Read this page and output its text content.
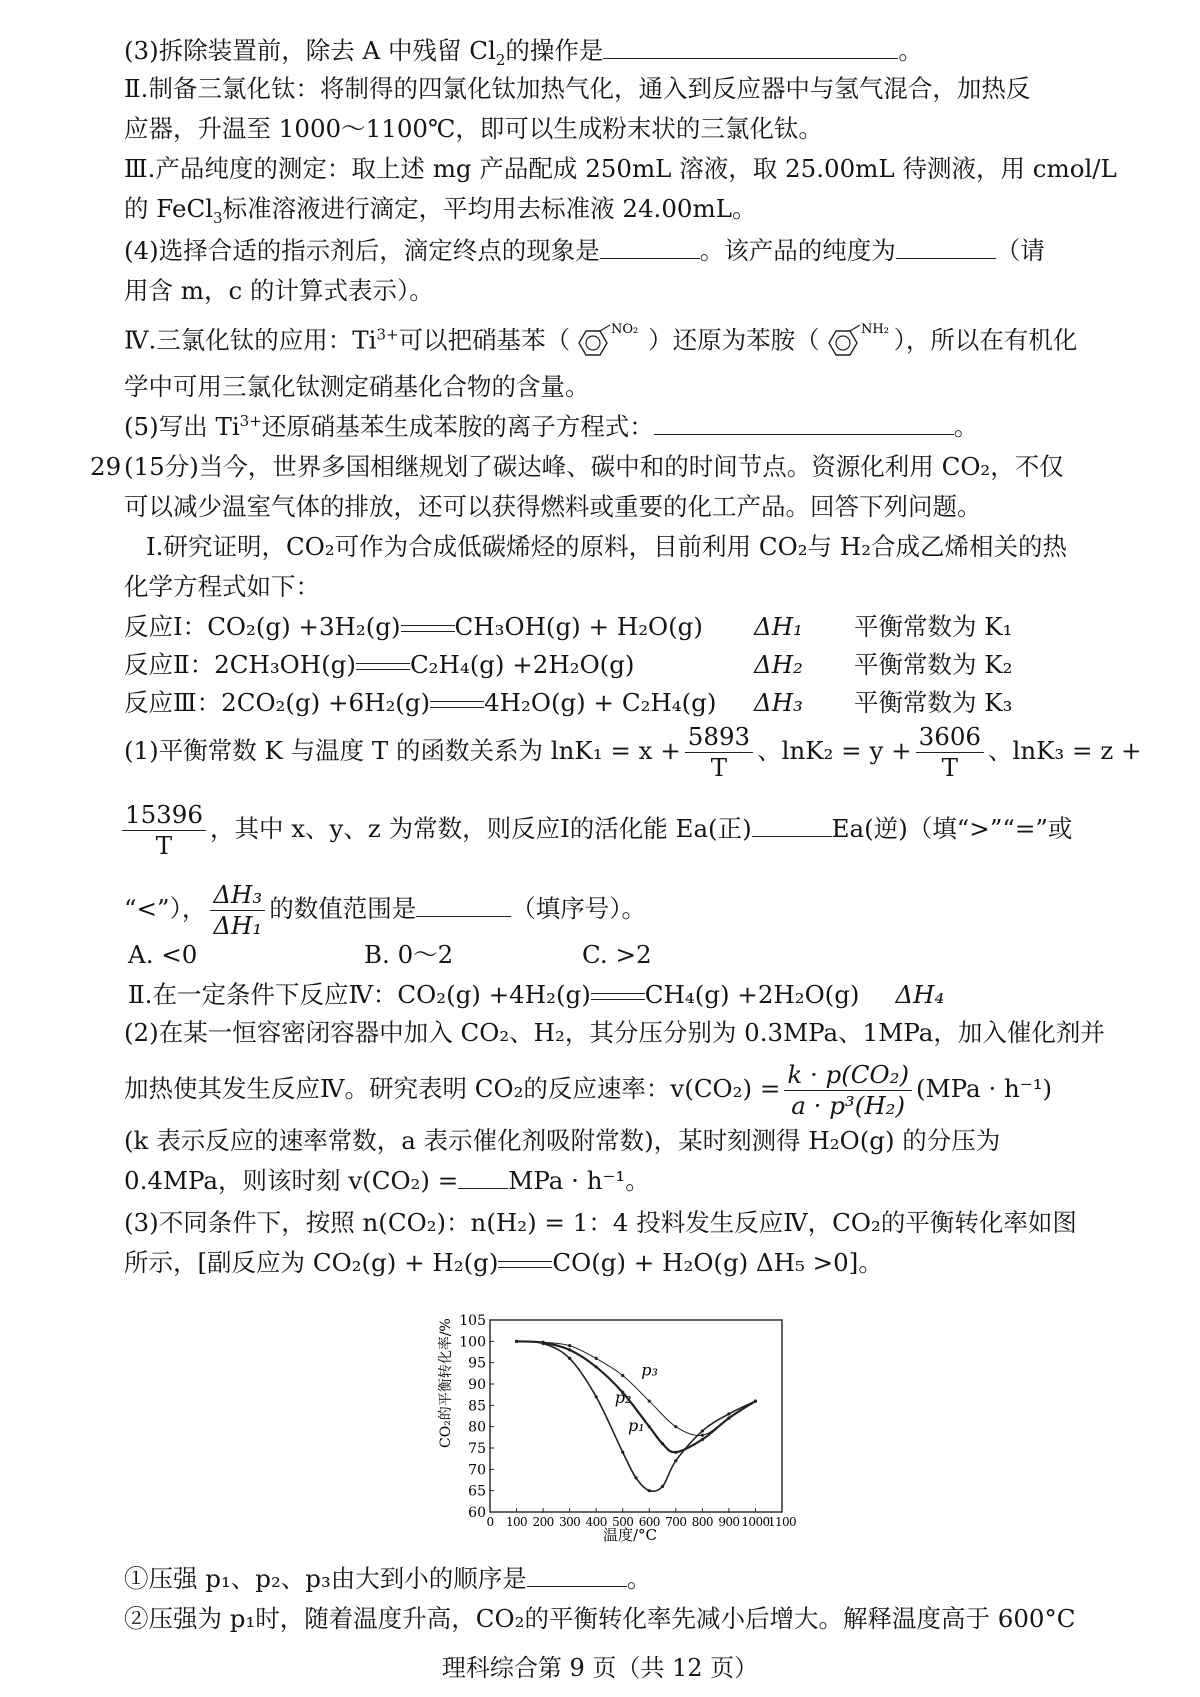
(3)拆除装置前，除去 A 中残留 $Cl_2$的操作是	。
Ⅱ.制备三氯化钛：将制得的四氯化钛加热气化，通入到反应器中与氢气混合，加热反
应器，升温至 1000～1100℃，即可以生成粉末状的三氯化钛。
Ⅲ.产品纯度的测定：取上述 mg 产品配成 250mL 溶液，取 25.00mL 待测液，用 cmol/L
的 FeCl$_3$标准溶液进行滴定，平均用去标准液 24.00mL。
(4)选择合适的指示剂后，滴定终点的现象是	。该产品的纯度为	（请
用含 m，c 的计算式表示）。
Ⅳ.三氯化钛的应用：$Ti^{3+}$可以把硝基苯（	NO₂ ）还原为苯胺（	NH₂ ），所以在有机化
学中可用三氯化钛测定硝基化合物的含量。
(5)写出 $Ti^{3+}$还原硝基苯生成苯胺的离子方程式：	。
29 (15分)当今，世界多国相继规划了碳达峰、碳中和的时间节点。资源化利用 CO₂，不仅
可以减少温室气体的排放，还可以获得燃料或重要的化工产品。回答下列问题。
Ⅰ.研究证明，CO₂可作为合成低碳烯烃的原料，目前利用 CO₂与 H₂合成乙烯相关的热
化学方程式如下：
反应Ⅰ：CO₂(g) +3H₂(g) CH₃OH(g) + H₂O(g) ΔH₁ 平衡常数为 K₁
反应Ⅱ：2CH₃OH(g) C₂H₄(g) +2H₂O(g)	ΔH₂ 平衡常数为 K₂
反应Ⅲ：2CO₂(g) +6H₂(g) 4H₂O(g) + C₂H₄(g) ΔH₃ 平衡常数为 K₃
(1)平衡常数 K 与温度 T 的函数关系为 $\ln K_1 = x + \frac{5893}{T}$ 、$\ln K_2 = y + \frac{3606}{T}$ 、lnK₃ = z +
$\frac{15396}{T}$ ，其中 x、y、z 为常数，则反应Ⅰ的活化能 Ea(正)	Ea(逆)（填“>”“=”或
“<”）， $\frac{\text{ΔH₃}}{\text{ΔH₁}}$ 的数值范围是	（填序号）。
A. <0	B. 0～2	C. >2
Ⅱ.在一定条件下反应Ⅳ：CO₂(g) +4H₂(g) CH₄(g) +2H₂O(g) ΔH₄
(2)在某一恒容密闭容器中加入 CO₂、H₂，其分压分别为 0.3MPa、1MPa，加入催化剂并
加热使其发生反应Ⅳ。研究表明 CO₂的反应速率：$v(CO_2) = \frac{\text{k · p(CO₂)}}{\text{a · p³(H₂)}} (MPa \cdot h^{-1})$
(k 表示反应的速率常数，a 表示催化剂吸附常数)，某时刻测得 H₂O(g) 的分压为
0.4MPa，则该时刻 v(CO₂) = MPa · h⁻¹。
(3)不同条件下，按照 n(CO₂)：n(H₂) = 1：4 投料发生反应Ⅳ，CO₂的平衡转化率如图
所示，[副反应为 CO₂(g) + H₂(g) CO(g) + H₂O(g) ΔH₅ >0]。
60
65
70
75
80
85
90
95
100
105
0 100 200 300 400 500 600 700 800 900 1000
1100
p₁
p₂
p₃
CO₂的平衡转化率/%
温度/°C
①压强 p₁、p₂、p₃由大到小的顺序是	。
②压强为 p₁时，随着温度升高，CO₂的平衡转化率先减小后增大。解释温度高于 600°C
理科综合第 9 页（共 12 页）
